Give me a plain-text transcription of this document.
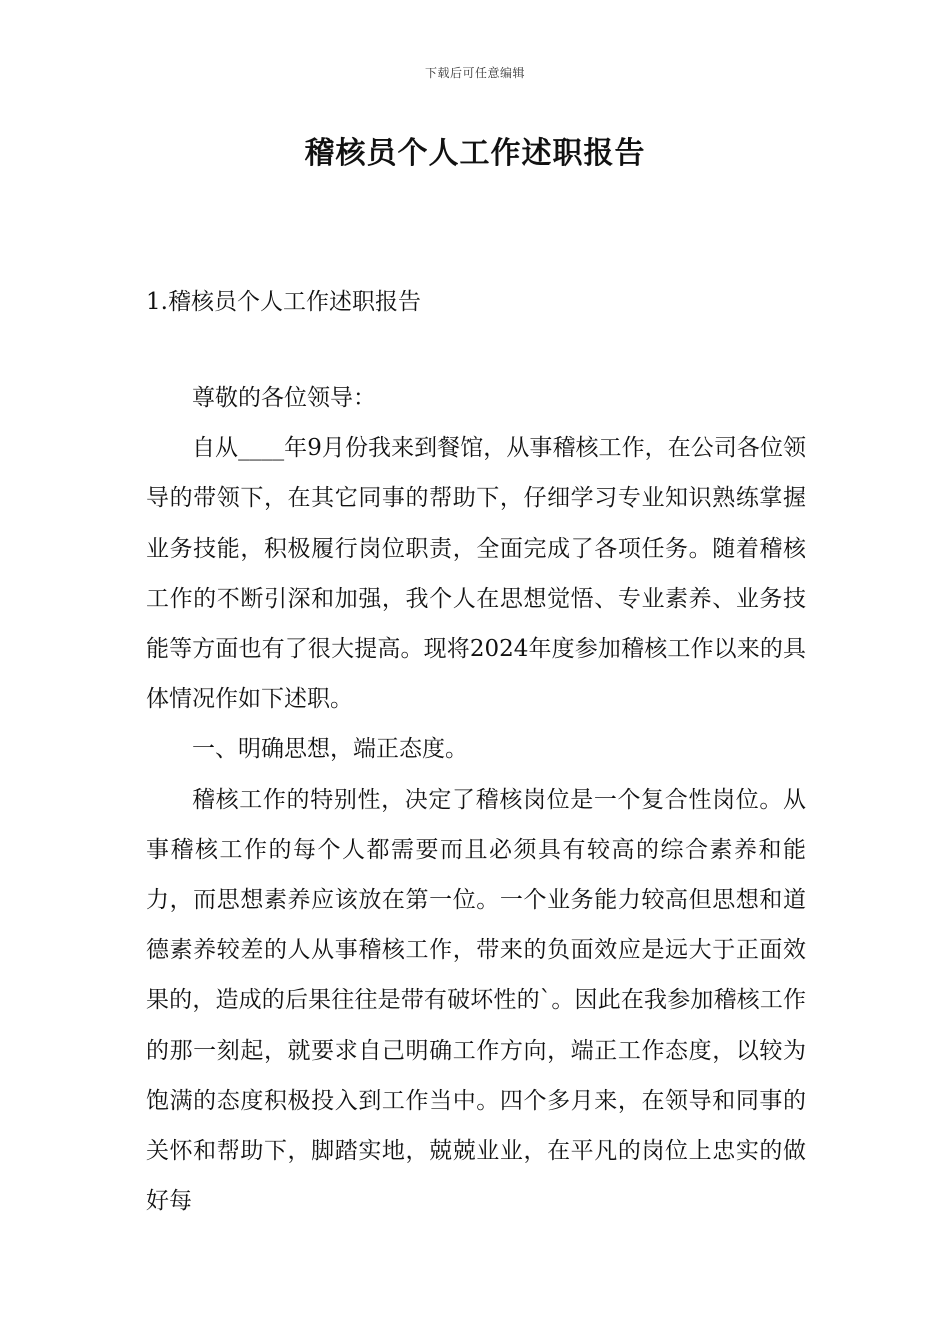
下载后可任意编辑
稽核员个人工作述职报告
1.稽核员个人工作述职报告

尊敬的各位领导：

自从____年9月份我来到餐馆，从事稽核工作，在公司各位领导的带领下，在其它同事的帮助下，仔细学习专业知识熟练掌握业务技能，积极履行岗位职责，全面完成了各项任务。随着稽核工作的不断引深和加强，我个人在思想觉悟、专业素养、业务技能等方面也有了很大提高。现将2024年度参加稽核工作以来的具体情况作如下述职。

一、明确思想，端正态度。

稽核工作的特别性，决定了稽核岗位是一个复合性岗位。从事稽核工作的每个人都需要而且必须具有较高的综合素养和能力，而思想素养应该放在第一位。一个业务能力较高但思想和道德素养较差的人从事稽核工作，带来的负面效应是远大于正面效果的，造成的后果往往是带有破坏性的`。因此在我参加稽核工作的那一刻起，就要求自己明确工作方向，端正工作态度，以较为饱满的态度积极投入到工作当中。四个多月来，在领导和同事的关怀和帮助下，脚踏实地，兢兢业业，在平凡的岗位上忠实的做好每
